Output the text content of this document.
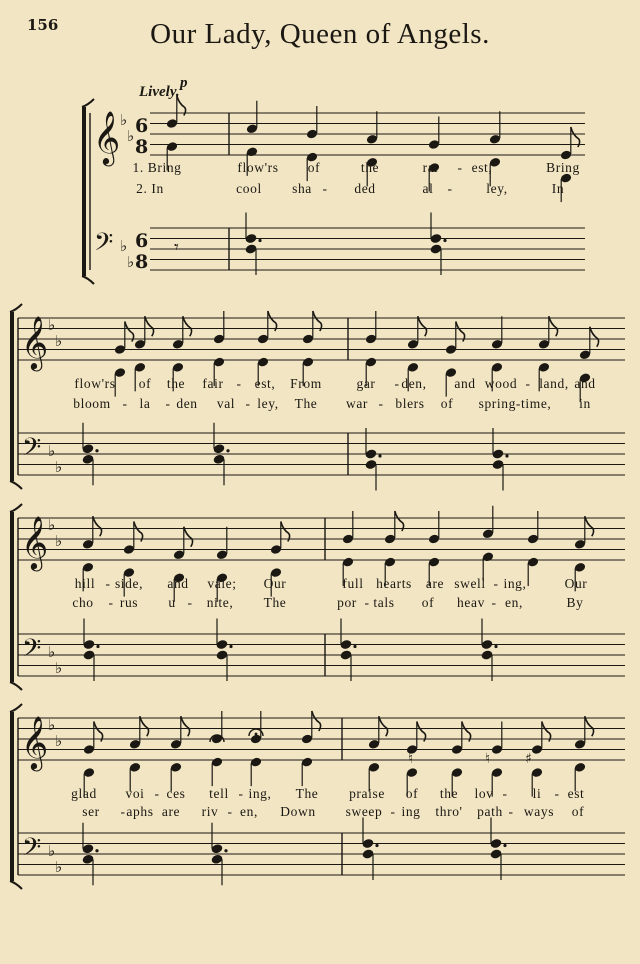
156	Our Lady, Queen of Angels.
Lively.
p
𝄞
𝄢
♭
♭
♭
♭
6
8
6
8
𝄾
𝄞
𝄢
♭
♭
♭
♭
𝄞
𝄢
♭
♭
♭
♭
𝄞
𝄢
♭
♭
♭
♭
♮	♮ ♯
1. Bring	flow'rs of	the	rar - est,	Bring
2. In	cool sha - ded	al - ley,	In
flow'rs of the fair - est, From	gar - den, and wood - land, and
bloom - la - den val - ley, The war - blers of spring-time, in
hill - side, and vale; Our	full hearts are swell - ing,	Our
cho - rus u - nite, The	por - tals of heav - en,	By
glad voi - ces tell - ing, The praise of the lov - li - est
ser - aphs are riv - en, Down sweep - ing thro' path - ways of
